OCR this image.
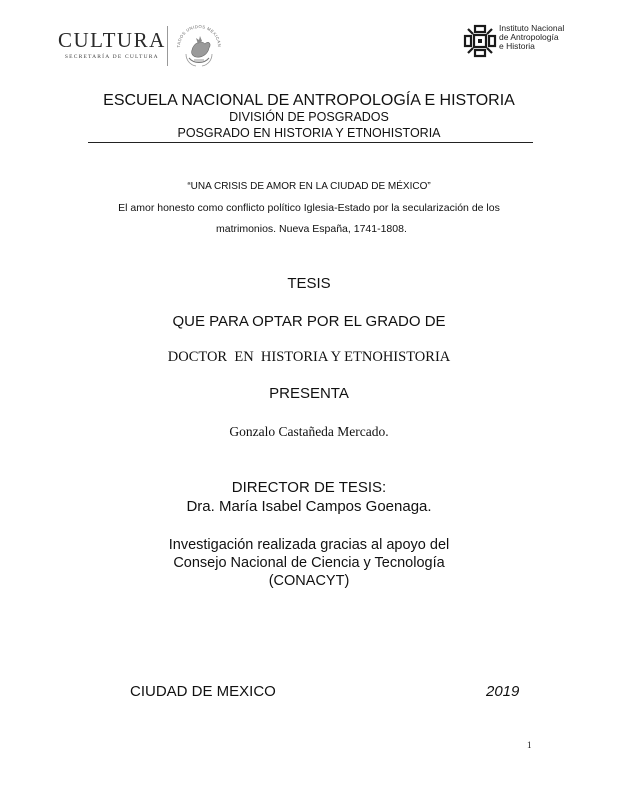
CULTURA
SECRETARÍA DE CULTURA
TADOS UNIDOS MEXICAN
Instituto Nacional
de Antropología
e Historia
ESCUELA NACIONAL DE ANTROPOLOGÍA E HISTORIA
DIVISIÓN DE POSGRADOS
POSGRADO EN HISTORIA Y ETNOHISTORIA
“UNA CRISIS DE AMOR EN LA CIUDAD DE MÉXICO”
El amor honesto como conflicto político Iglesia-Estado por la secularización de los
matrimonios. Nueva España, 1741-1808.
TESIS
QUE PARA OPTAR POR EL GRADO DE
DOCTOR  EN  HISTORIA Y ETNOHISTORIA
PRESENTA
Gonzalo Castañeda Mercado.
DIRECTOR DE TESIS:
Dra. María Isabel Campos Goenaga.
Investigación realizada gracias al apoyo del
Consejo Nacional de Ciencia y Tecnología
(CONACYT)
CIUDAD DE MEXICO	2019
1
